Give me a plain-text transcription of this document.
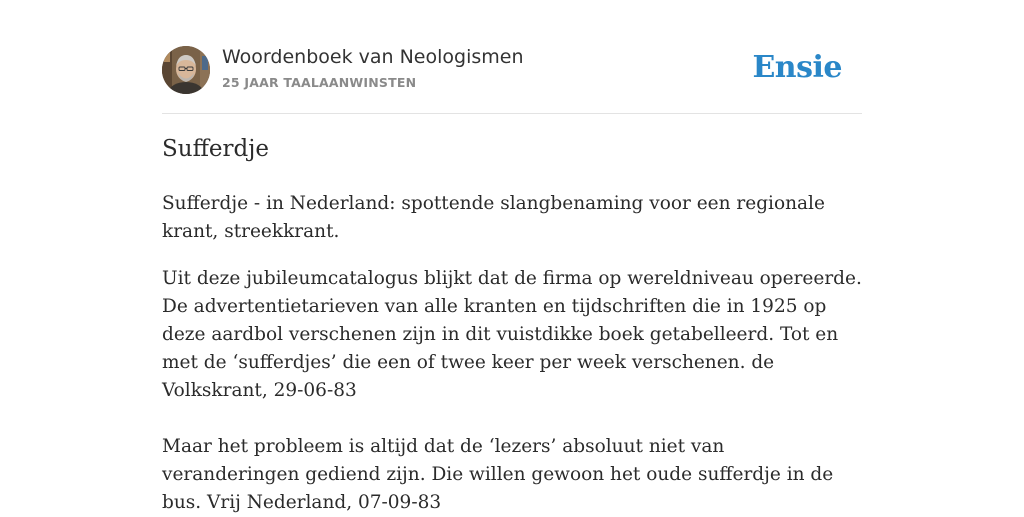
Woordenboek van Neologismen
25 JAAR TAALAANWINSTEN	Ensie
Sufferdje

Sufferdje - in Nederland: spottende slangbenaming voor een regionale krant, streekkrant.

Uit deze jubileumcatalogus blijkt dat de firma op wereldniveau opereerde. De advertentietarieven van alle kranten en tijdschriften die in 1925 op deze aardbol verschenen zijn in dit vuistdikke boek getabelleerd. Tot en met de ‘sufferdjes’ die een of twee keer per week verschenen. de Volkskrant, 29-06-83

Maar het probleem is altijd dat de ‘lezers’ absoluut niet van veranderingen gediend zijn. Die willen gewoon het oude sufferdje in de bus. Vrij Nederland, 07-09-83
